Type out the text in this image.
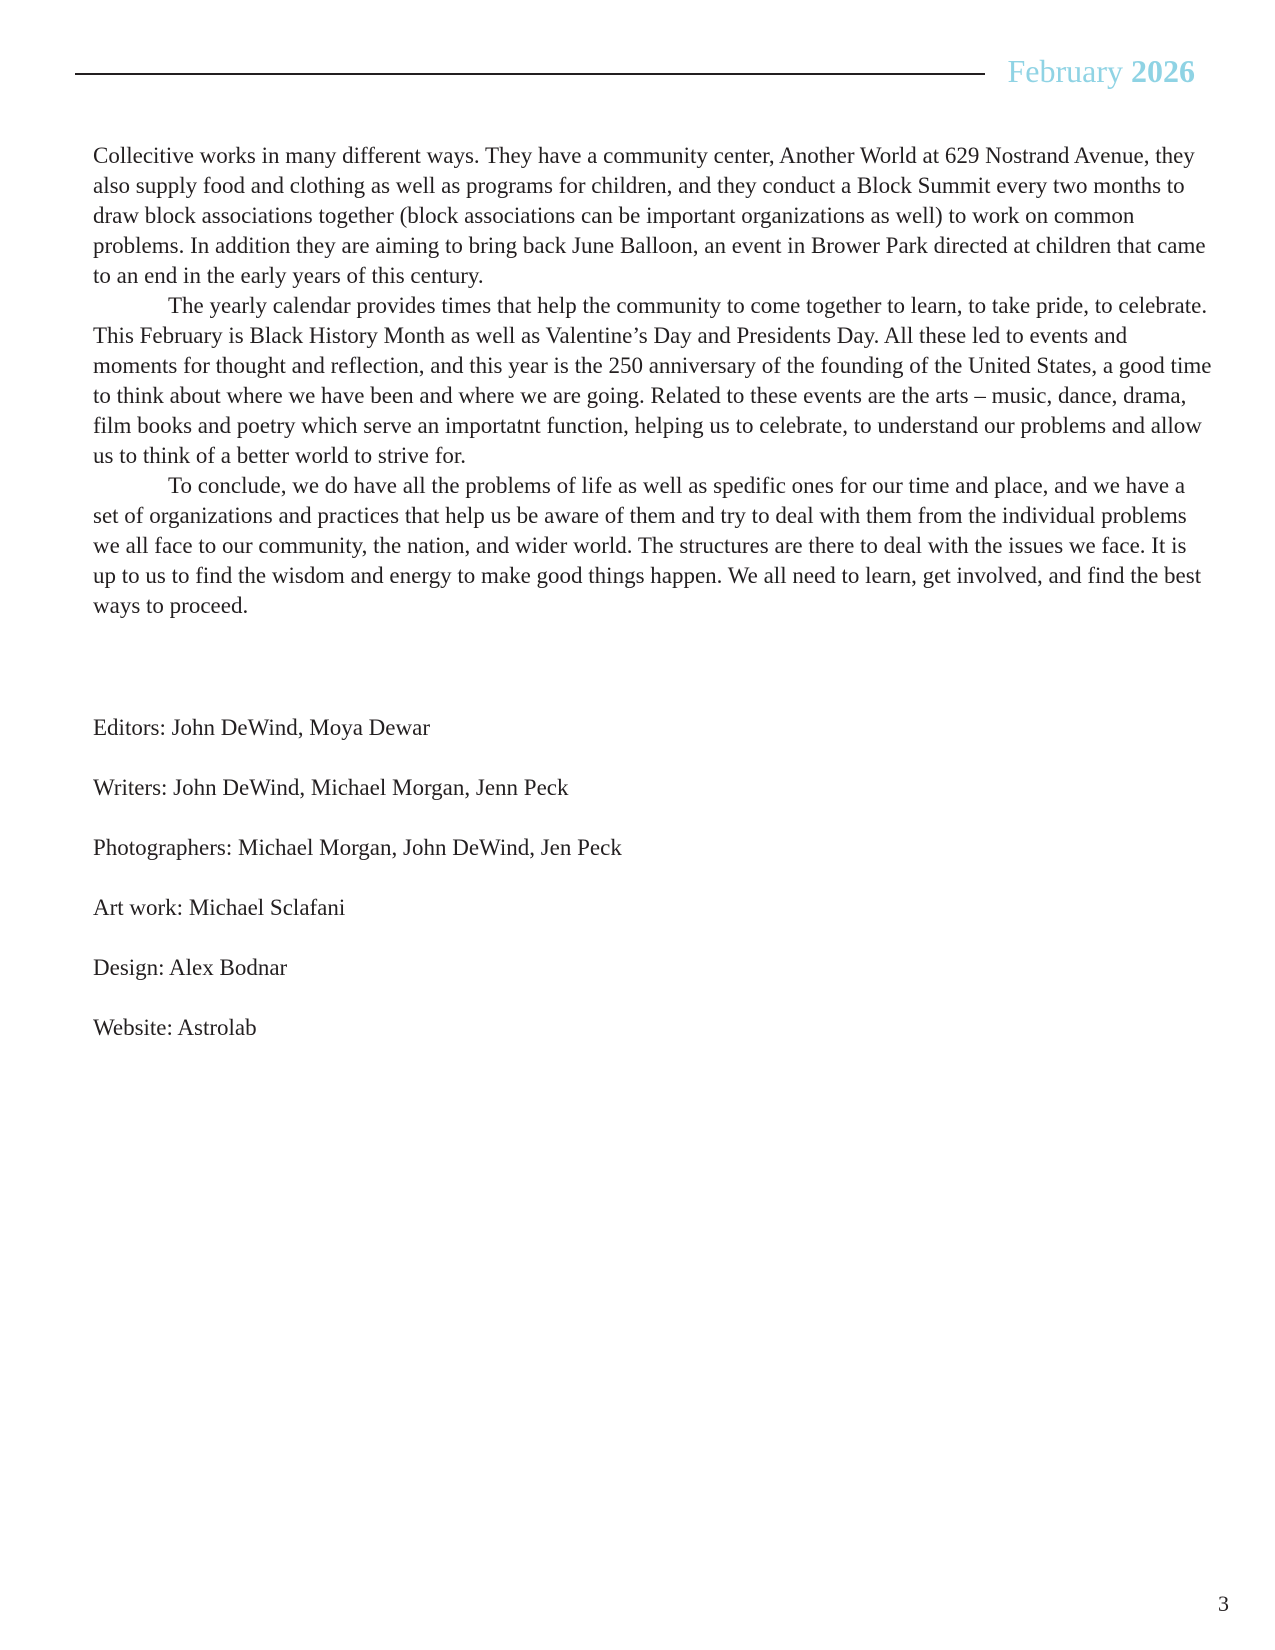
February 2026

Collecitive works in many different ways. They have a community center, Another World at 629 Nostrand Avenue, they also supply food and clothing as well as programs for children, and they conduct a Block Summit every two months to draw block associations together (block associations can be important organizations as well) to work on common problems. In addition they are aiming to bring back June Balloon, an event in Brower Park directed at children that came to an end in the early years of this century.

The yearly calendar provides times that help the community to come together to learn, to take pride, to celebrate. This February is Black History Month as well as Valentine’s Day and Presidents Day. All these led to events and moments for thought and reflection, and this year is the 250 anniversary of the founding of the United States, a good time to think about where we have been and where we are going. Related to these events are the arts – music, dance, drama, film books and poetry which serve an importatnt function, helping us to celebrate, to understand our problems and allow us to think of a better world to strive for.

To conclude, we do have all the problems of life as well as spedific ones for our time and place, and we have a set of organizations and practices that help us be aware of them and try to deal with them from the individual problems we all face to our community, the nation, and wider world. The structures are there to deal with the issues we face. It is up to us to find the wisdom and energy to make good things happen. We all need to learn, get involved, and find the best ways to proceed.

Editors: John DeWind, Moya Dewar
Writers: John DeWind, Michael Morgan, Jenn Peck
Photographers: Michael Morgan, John DeWind, Jen Peck
Art work: Michael Sclafani
Design: Alex Bodnar
Website: Astrolab
3
